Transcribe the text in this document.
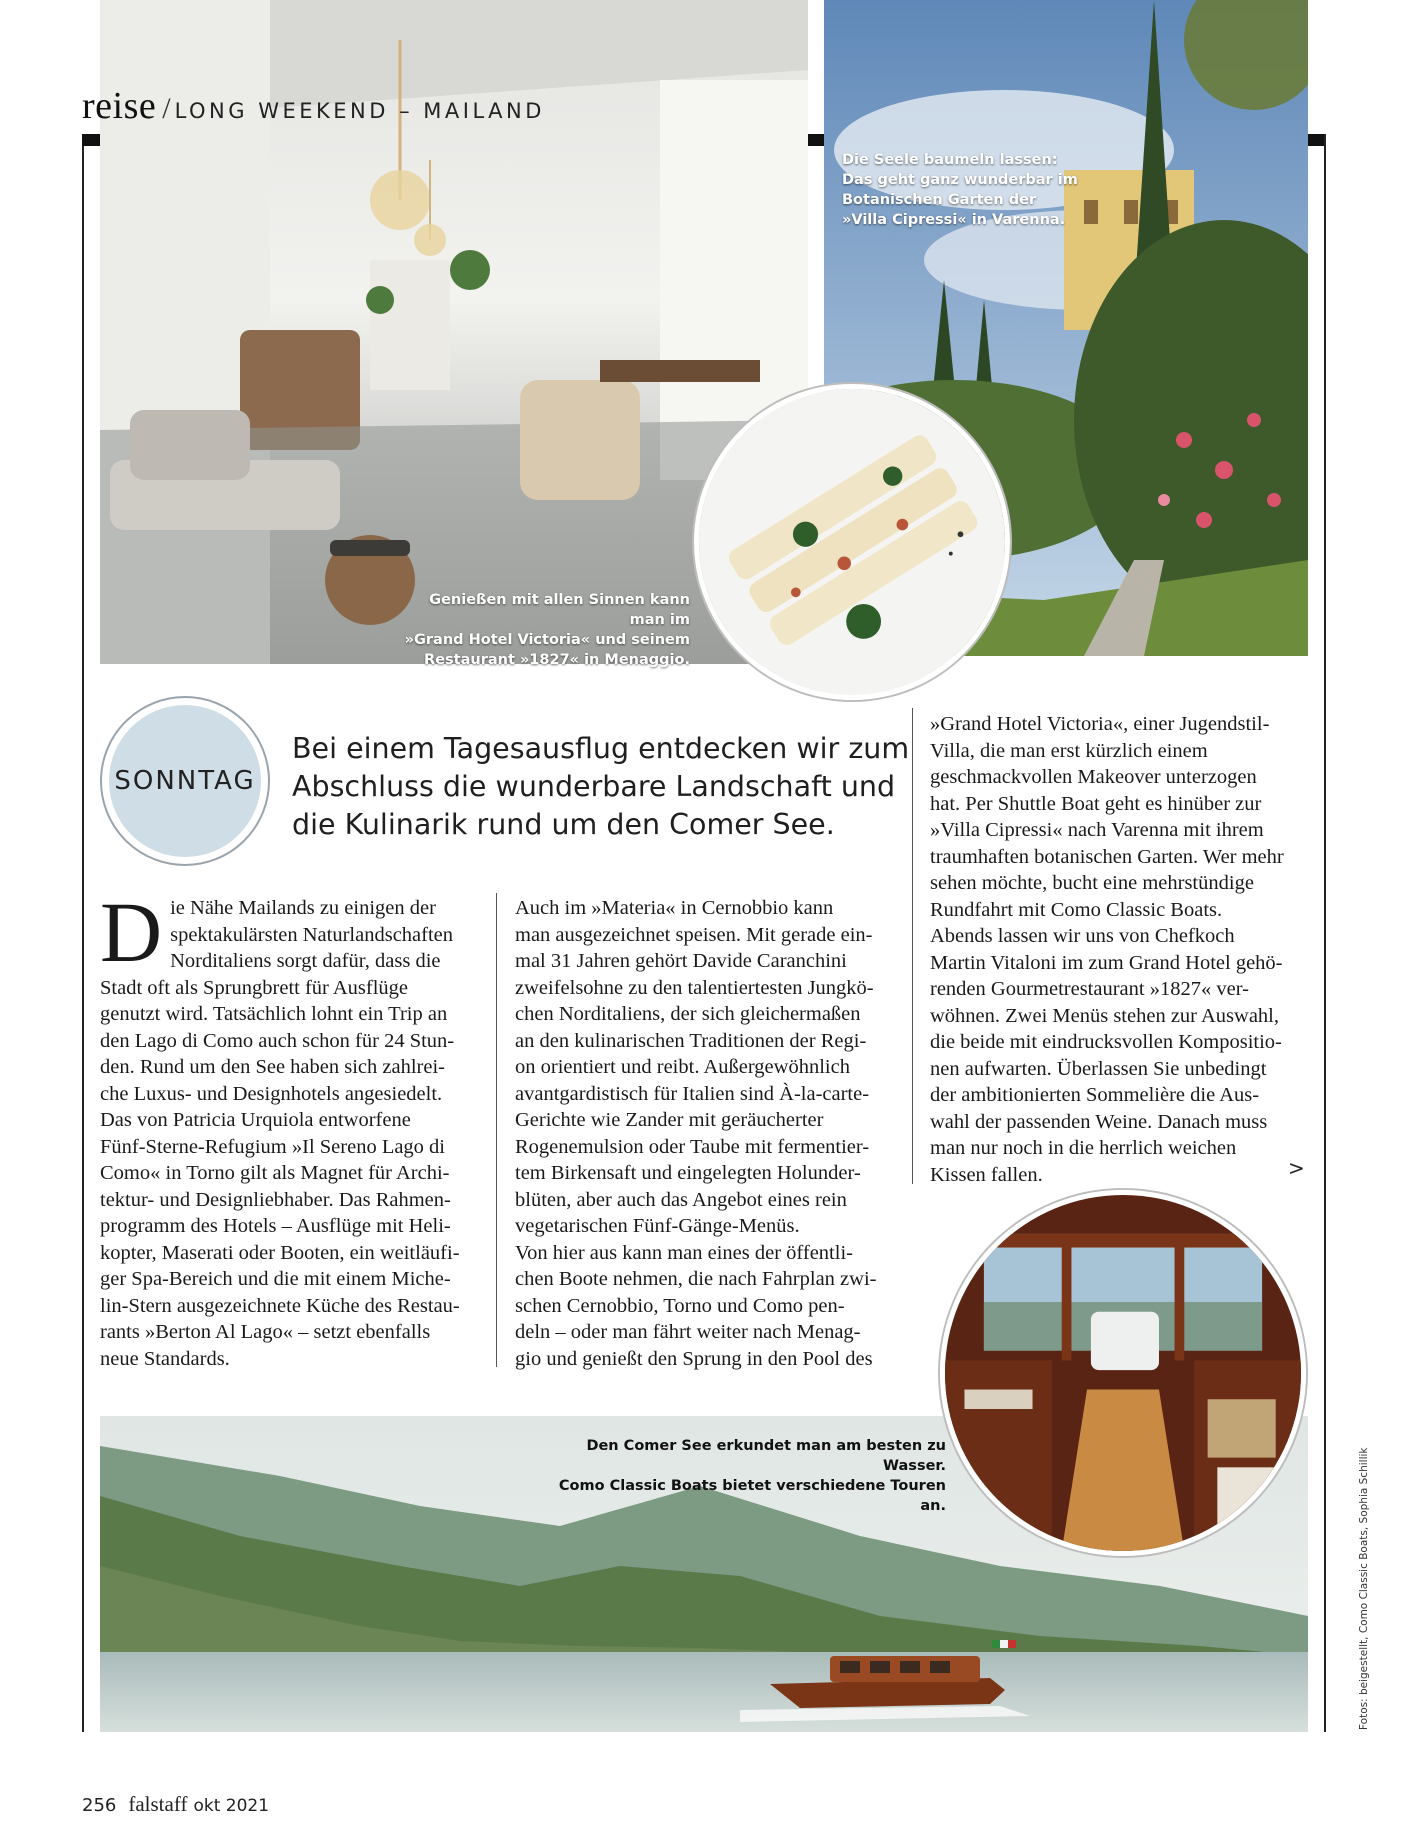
reise / LONG WEEKEND – MAILAND
Genießen mit allen Sinnen kann man im
»Grand Hotel Victoria« und seinem
Restaurant »1827« in Menaggio.
Die Seele baumeln lassen:
Das geht ganz wunderbar im
Botanischen Garten der
»Villa Cipressi« in Varenna.
SONNTAG
Bei einem Tagesausflug entdecken wir zum
Abschluss die wunderbare Landschaft und
die Kulinarik rund um den Comer See.
D ie Nähe Mailands zu einigen der
spektakulärsten Naturlandschaften
Norditaliens sorgt dafür, dass die
Stadt oft als Sprungbrett für Ausflüge
genutzt wird. Tatsächlich lohnt ein Trip an
den Lago di Como auch schon für 24 Stun-
den. Rund um den See haben sich zahlrei-
che Luxus- und Designhotels angesiedelt.
Das von Patricia Urquiola entworfene
Fünf-Sterne-Refugium »Il Sereno Lago di
Como« in Torno gilt als Magnet für Archi-
tektur- und Designliebhaber. Das Rahmen-
programm des Hotels – Ausflüge mit Heli-
kopter, Maserati oder Booten, ein weitläufi-
ger Spa-Bereich und die mit einem Miche-
lin-Stern ausgezeichnete Küche des Restau-
rants »Berton Al Lago« – setzt ebenfalls
neue Standards.
Auch im »Materia« in Cernobbio kann
man ausgezeichnet speisen. Mit gerade ein-
mal 31 Jahren gehört Davide Caranchini
zweifelsohne zu den talentiertesten Jungkö-
chen Norditaliens, der sich gleichermaßen
an den kulinarischen Traditionen der Regi-
on orientiert und reibt. Außergewöhnlich
avantgardistisch für Italien sind À-la-carte-
Gerichte wie Zander mit geräucherter
Rogenemulsion oder Taube mit fermentier-
tem Birkensaft und eingelegten Holunder-
blüten, aber auch das Angebot eines rein
vegetarischen Fünf-Gänge-Menüs.
Von hier aus kann man eines der öffentli-
chen Boote nehmen, die nach Fahrplan zwi-
schen Cernobbio, Torno und Como pen-
deln – oder man fährt weiter nach Menag-
gio und genießt den Sprung in den Pool des
»Grand Hotel Victoria«, einer Jugendstil-
Villa, die man erst kürzlich einem
geschmackvollen Makeover unterzogen
hat. Per Shuttle Boat geht es hinüber zur
»Villa Cipressi« nach Varenna mit ihrem
traumhaften botanischen Garten. Wer mehr
sehen möchte, bucht eine mehrstündige
Rundfahrt mit Como Classic Boats.
Abends lassen wir uns von Chefkoch
Martin Vitaloni im zum Grand Hotel gehö-
renden Gourmetrestaurant »1827« ver-
wöhnen. Zwei Menüs stehen zur Auswahl,
die beide mit eindrucksvollen Kompositio-
nen aufwarten. Überlassen Sie unbedingt
der ambitionierten Sommelière die Aus-
wahl der passenden Weine. Danach muss
man nur noch in die herrlich weichen
Kissen fallen.	>
Den Comer See erkundet man am besten zu Wasser.
Como Classic Boats bietet verschiedene Touren an.	Fotos: beigestellt, Como Classic Boats, Sophia Schillik
256 falstaff okt 2021
